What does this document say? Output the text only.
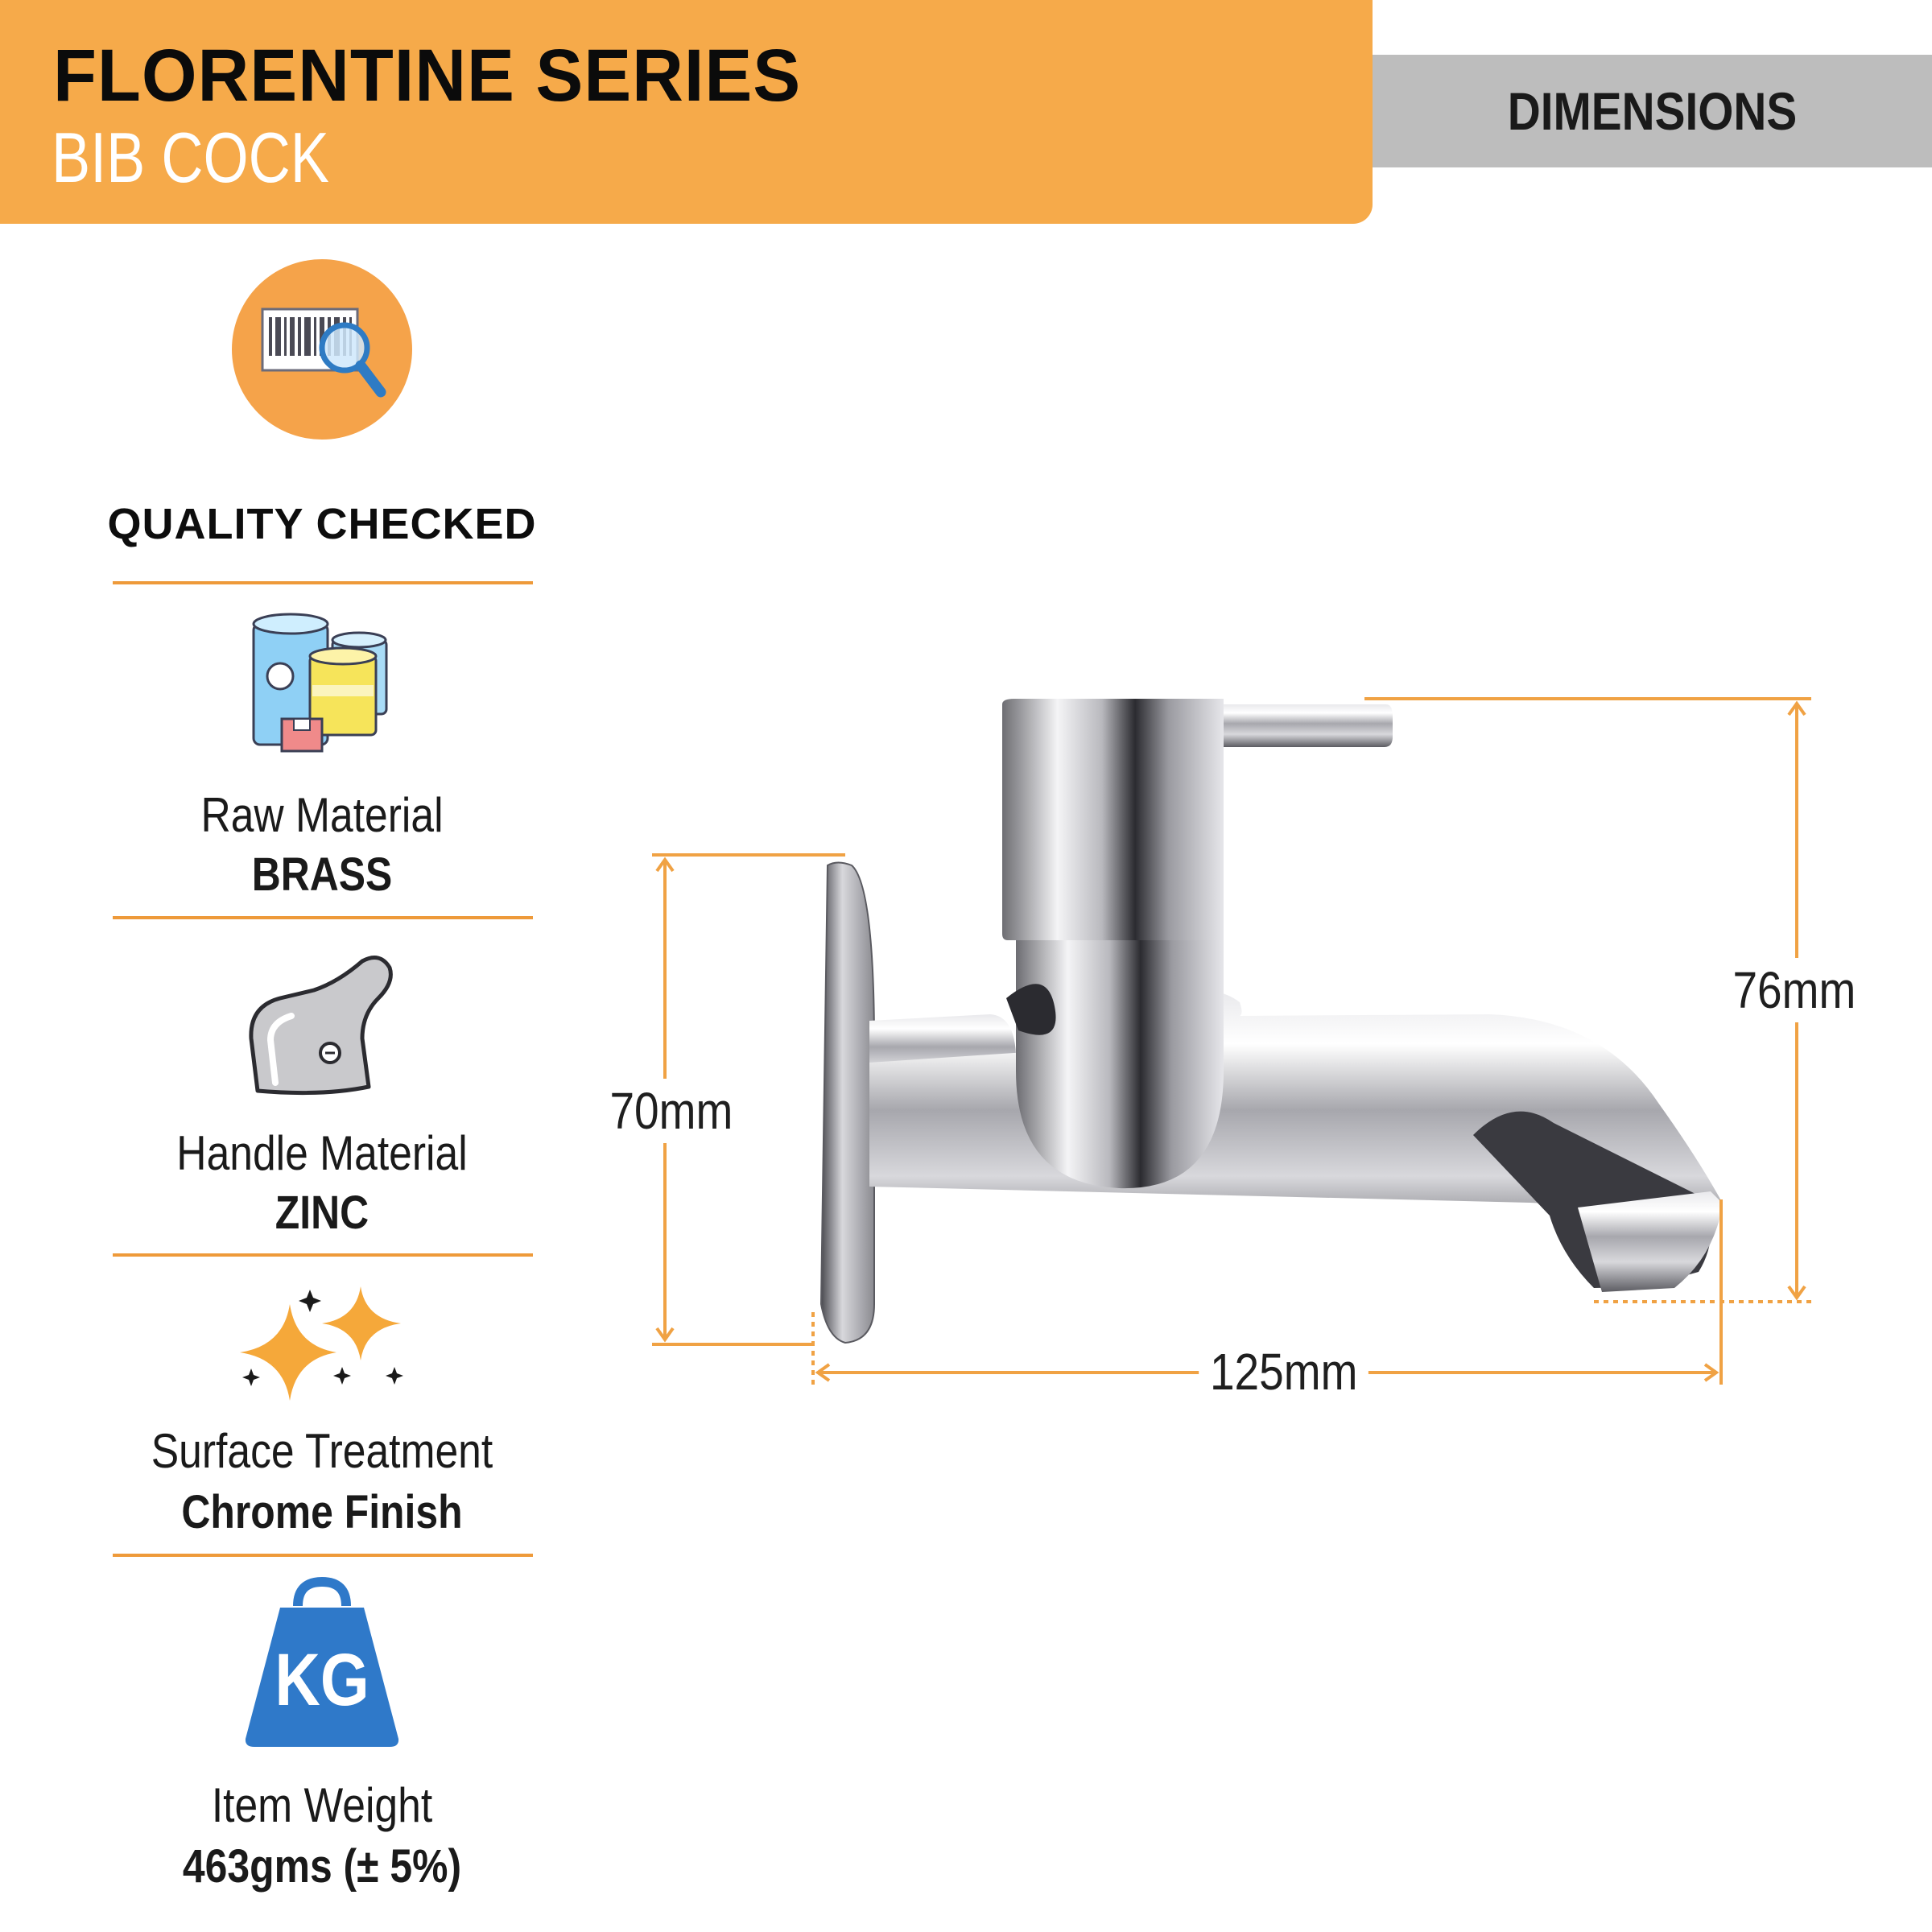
FLORENTINE SERIES
BIB COCK
DIMENSIONS
QUALITY CHECKED
Raw Material
BRASS
Handle Material
ZINC
Surface Treatment
Chrome Finish
KG
Item Weight
463gms (± 5%)
70mm
76mm
125mm
